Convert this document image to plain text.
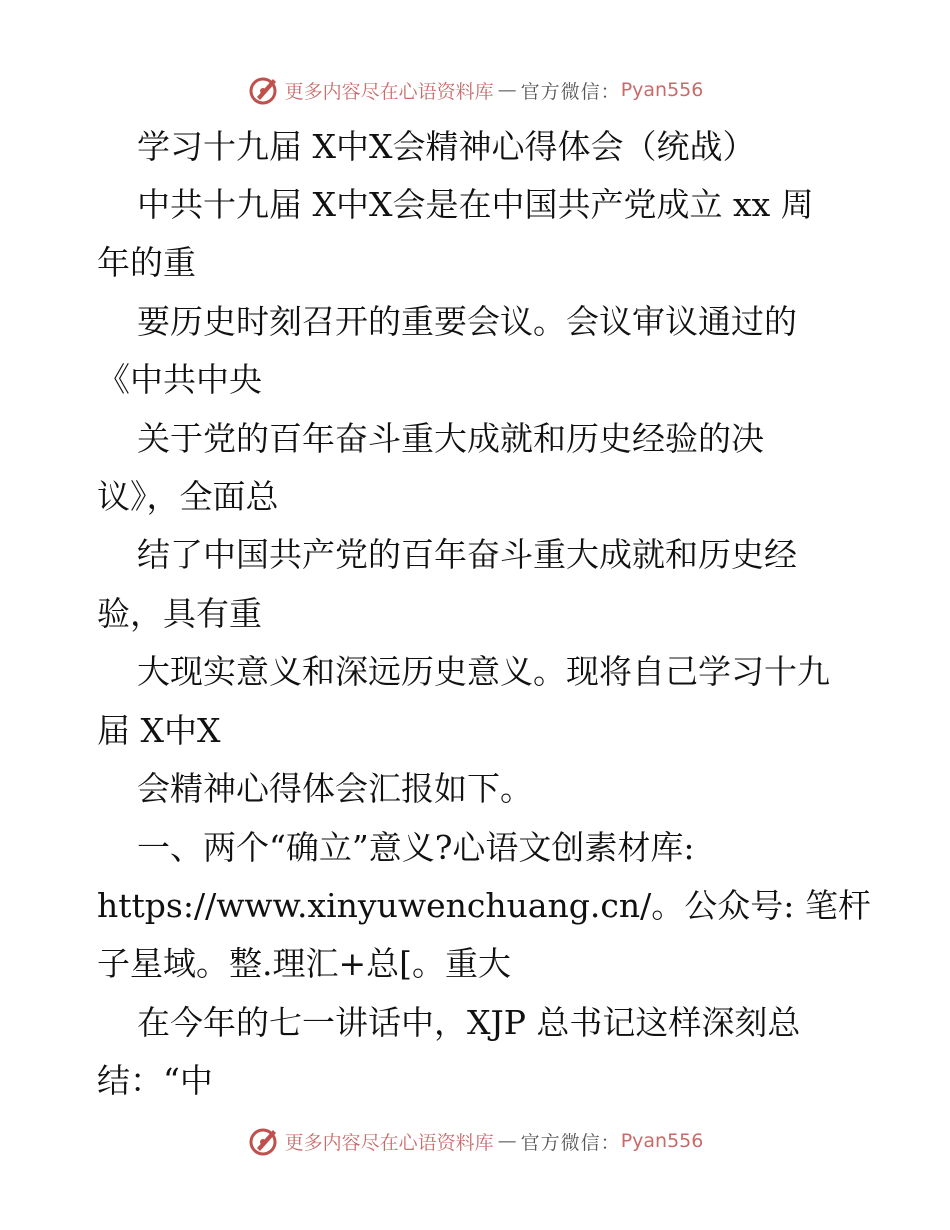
更多内容尽在心语资料库 — 官方微信： Pyan556
学习十九届 X中X会精神心得体会（统战）
中共十九届 X中X会是在中国共产党成立 xx 周
年的重
要历史时刻召开的重要会议。会议审议通过的
《中共中央
关于党的百年奋斗重大成就和历史经验的决
议》，全面总
结了中国共产党的百年奋斗重大成就和历史经
验，具有重
大现实意义和深远历史意义。现将自己学习十九
届 X中X
会精神心得体会汇报如下。
一、两个“确立”意义?心语文创素材库:
https://www.xinyuwenchuang.cn/。公众号: 笔杆
子星域。整.理汇+总[。重大
在今年的七一讲话中，XJP 总书记这样深刻总
结：“中
更多内容尽在心语资料库 — 官方微信： Pyan556
